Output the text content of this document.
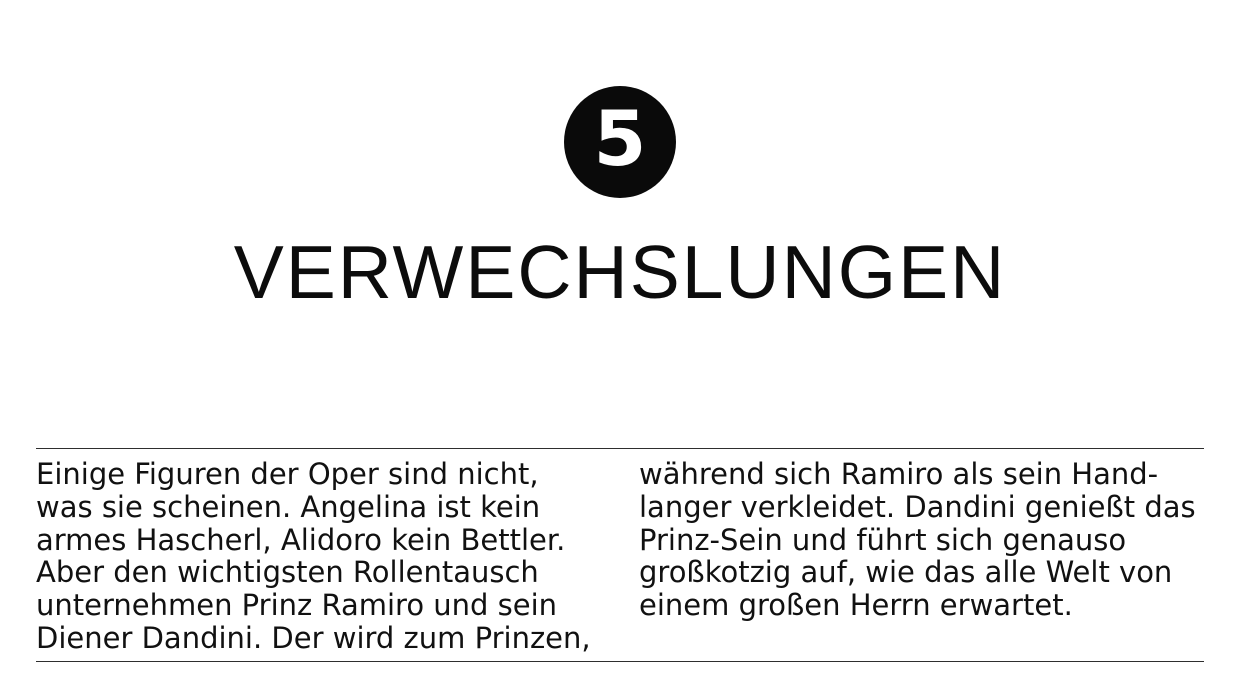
5
VERWECHSLUNGEN
Einige Figuren der Oper sind nicht,
was sie scheinen. Angelina ist kein
armes Hascherl, Alidoro kein Bettler.
Aber den wichtigsten Rollentausch
unternehmen Prinz Ramiro und sein
Diener Dandini. Der wird zum Prinzen,
während sich Ramiro als sein Hand-
langer verkleidet. Dandini genießt das
Prinz-Sein und führt sich genauso
großkotzig auf, wie das alle Welt von
einem großen Herrn erwartet.
